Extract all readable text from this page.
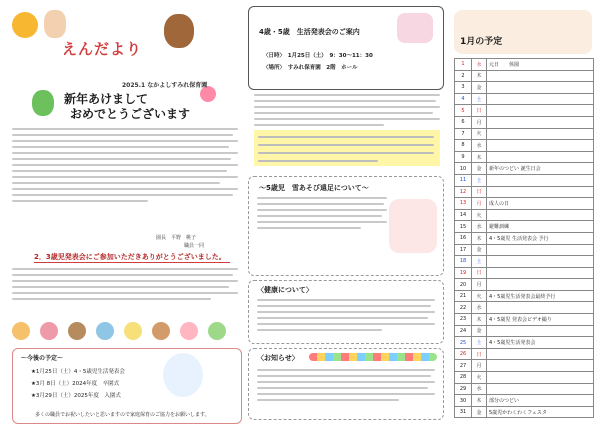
えんだより
2025.1 なかよしすみれ保育園
新年あけまして
おめでとうございます
園長　平野　桃子
職員一同
2．3歳児発表会にご参加いただきありがとうございました。
～今後の予定～
★1月25日（土）4・5歳児生活発表会
★3月 8日（土）2024年度　卒園式
★3月29日（土）2025年度　入園式
多くの職員でお祝いしたいと思いますので家庭保育のご協力をお願いします。
4歳・5歳　生活発表会のご案内
〈日時〉　1月25日（土）　9：30～11：30
〈場所〉　すみれ保育園　2階　ホール
～5歳児　雪あそび遠足について～
〈健康について〉
〈お知らせ〉
1月の予定
1	水	元日　　休園
2	木	
3	金	
4	土	
5	日	
6	月	
7	火	
8	水	
9	木	
10	金	新年のつどい 誕生日会
11	土	
12	日	
13	月	成人の日
14	火	
15	水	避難訓練
16	木	4・5歳児 生活発表会 予行
17	金	
18	土	
19	日	
20	月	
21	火	4・5歳児生活発表会最終予行
22	水	
23	木	4・5歳児 発表会ビデオ撮り
24	金	
25	土	4・5歳児生活発表会
26	日	
27	月	
28	火	
29	水	
30	木	部分のつどい
31	金	5歳児かわくわくフェスタ
